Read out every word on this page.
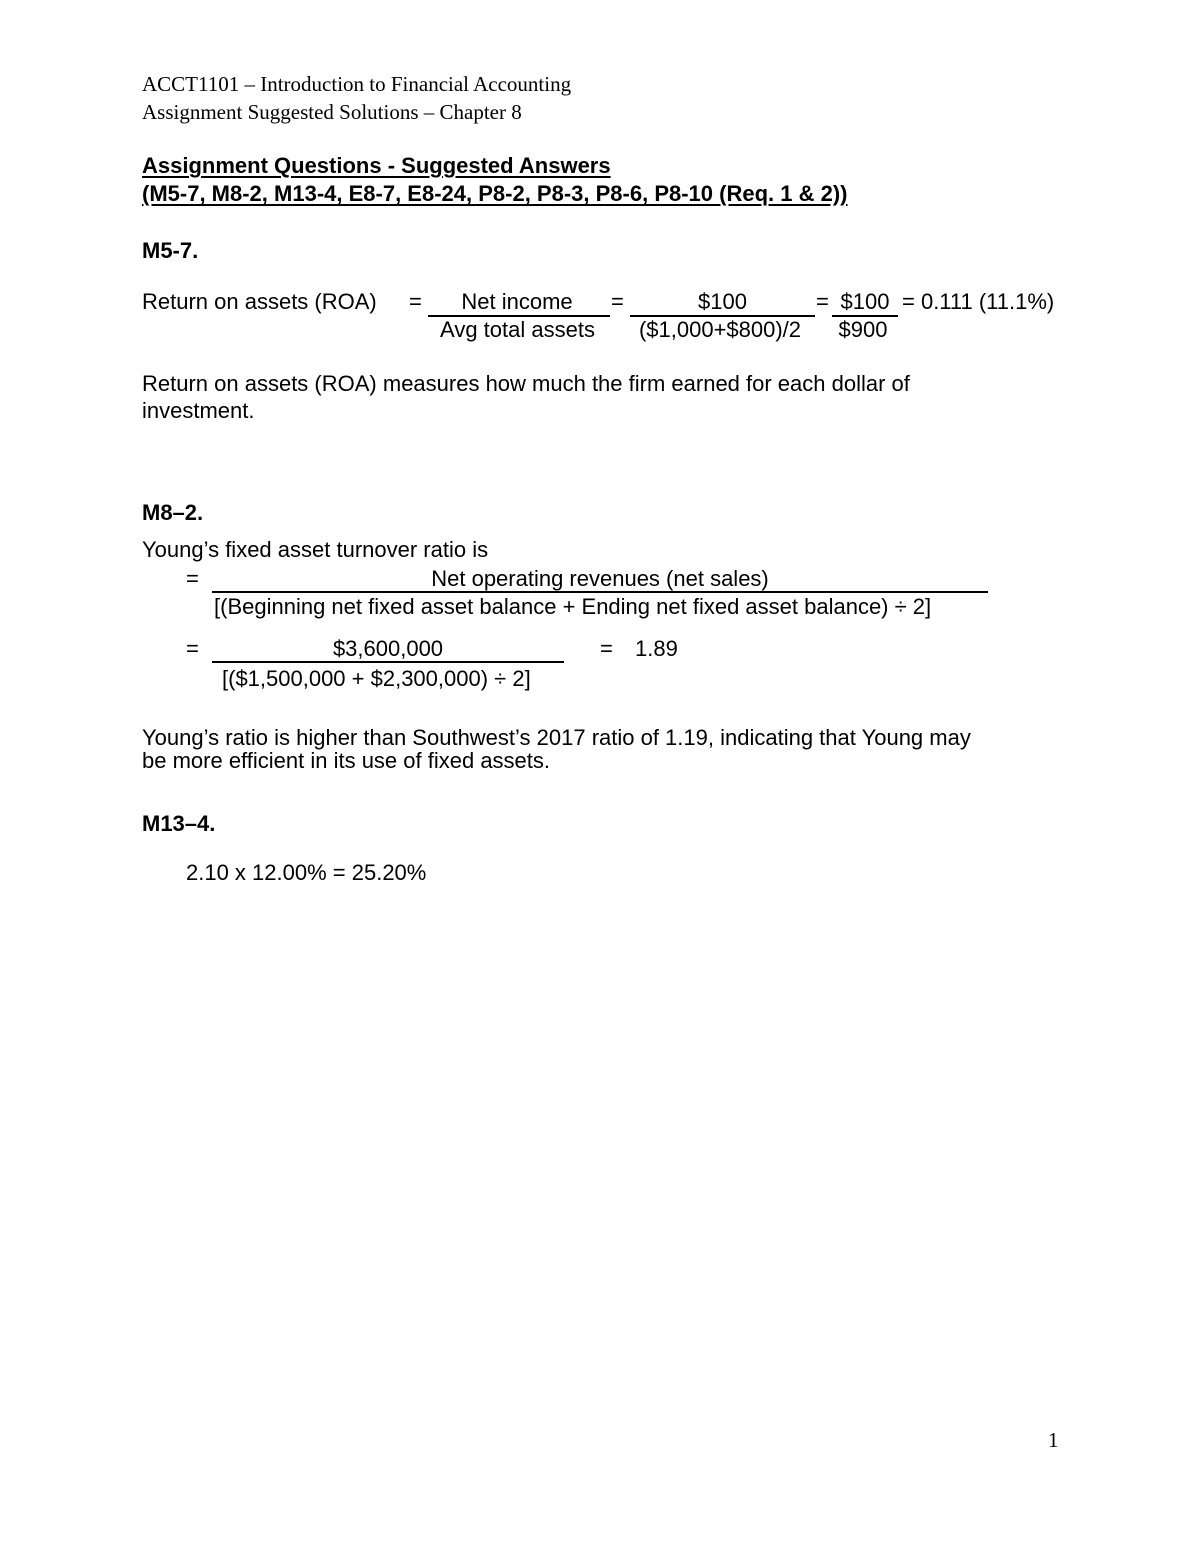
ACCT1101 – Introduction to Financial Accounting
Assignment Suggested Solutions – Chapter 8
Assignment Questions - Suggested Answers
(M5-7, M8-2, M13-4, E8-7, E8-24, P8-2, P8-3, P8-6, P8-10 (Req. 1 & 2))
M5-7.
Return on assets (ROA) =	Net income
Avg total assets
=	$100
($1,000+$800)/2
= $100
$900
= 0.111 (11.1%)
Return on assets (ROA) measures how much the firm earned for each dollar of
investment.
M8–2.
Young’s fixed asset turnover ratio is
=	Net operating revenues (net sales)
[(Beginning net fixed asset balance + Ending net fixed asset balance) ÷ 2]
=	$3,600,000
[($1,500,000 + $2,300,000) ÷ 2]
= 1.89
Young’s ratio is higher than Southwest’s 2017 ratio of 1.19, indicating that Young may
be more efficient in its use of fixed assets.
M13–4.
2.10 x 12.00% = 25.20%
1
